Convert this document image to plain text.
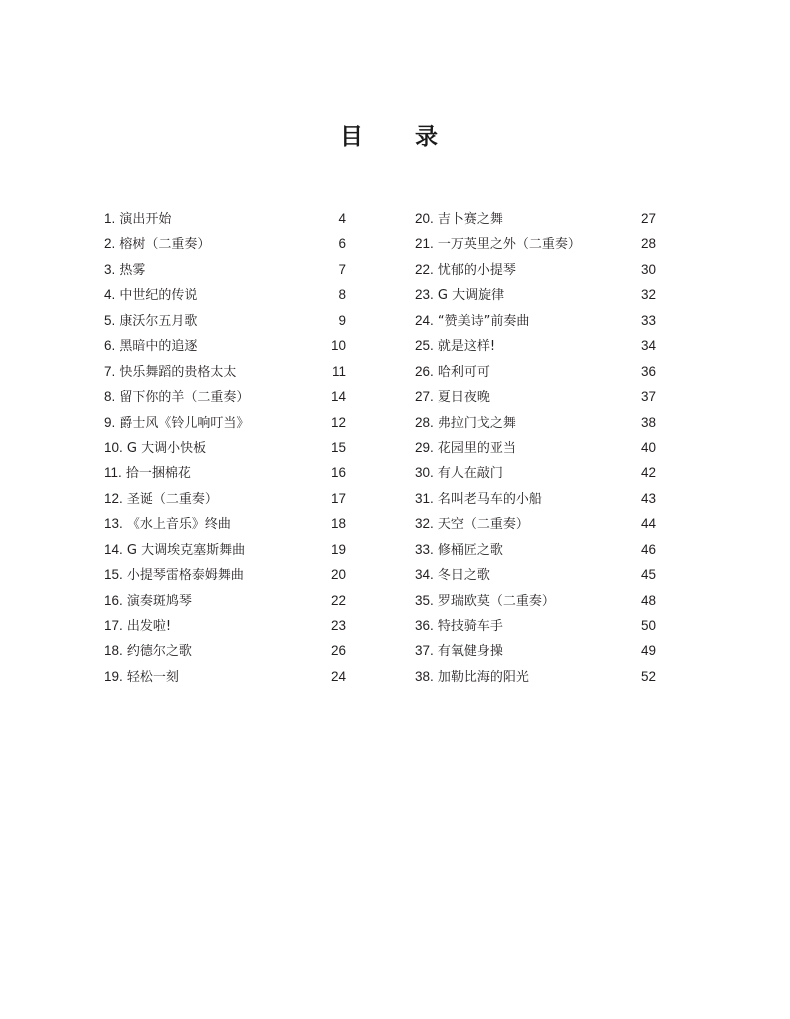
目 录
1. 演出开始	4
2. 榕树（二重奏）	6
3. 热雾	7
4. 中世纪的传说	8
5. 康沃尔五月歌	9
6. 黑暗中的追逐	10
7. 快乐舞蹈的贵格太太	11
8. 留下你的羊（二重奏）	14
9. 爵士风《铃儿响叮当》	12
10. G 大调小快板	15
11. 拾一捆棉花	16
12. 圣诞（二重奏）	17
13. 《水上音乐》终曲	18
14. G 大调埃克塞斯舞曲	19
15. 小提琴雷格泰姆舞曲	20
16. 演奏斑鸠琴	22
17. 出发啦!	23
18. 约德尔之歌	26
19. 轻松一刻	24
20. 吉卜赛之舞	27
21. 一万英里之外（二重奏）	28
22. 忧郁的小提琴	30
23. G 大调旋律	32
24. “赞美诗”前奏曲	33
25. 就是这样!	34
26. 哈利可可	36
27. 夏日夜晚	37
28. 弗拉门戈之舞	38
29. 花园里的亚当	40
30. 有人在敲门	42
31. 名叫老马车的小船	43
32. 天空（二重奏）	44
33. 修桶匠之歌	46
34. 冬日之歌	45
35. 罗瑞欧莫（二重奏）	48
36. 特技骑车手	50
37. 有氧健身操	49
38. 加勒比海的阳光	52
